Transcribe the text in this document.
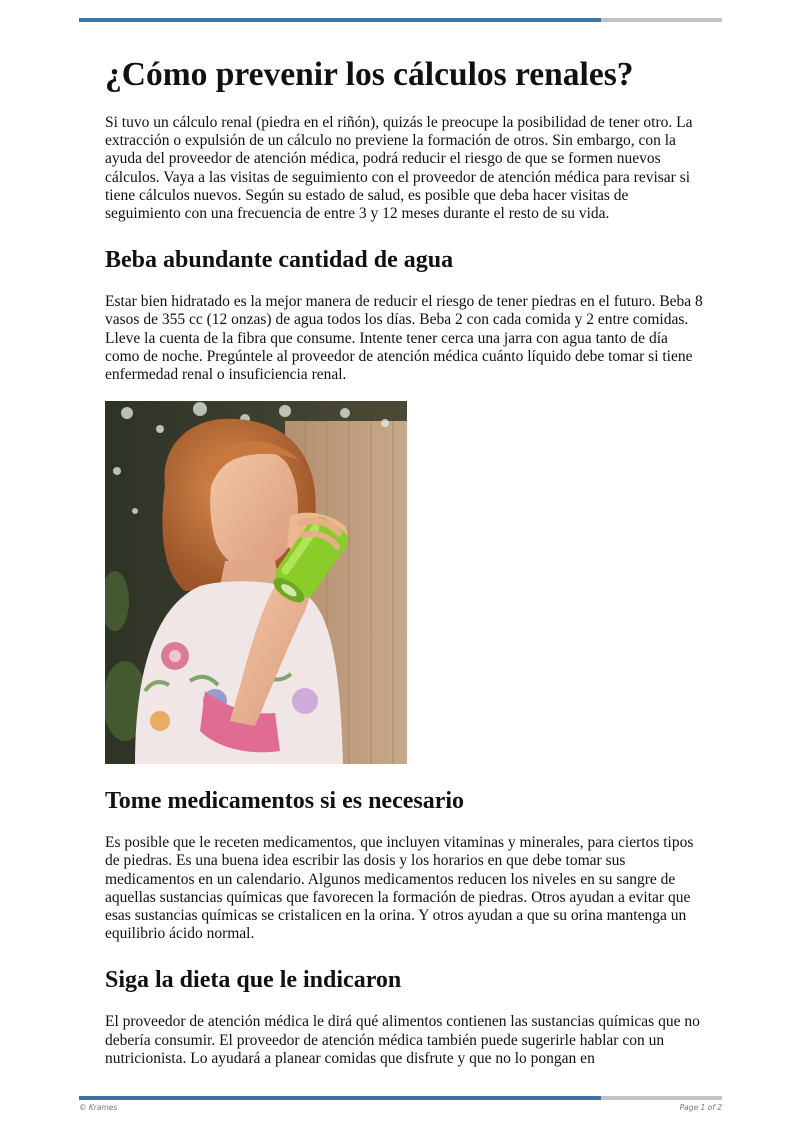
¿Cómo prevenir los cálculos renales?

Si tuvo un cálculo renal (piedra en el riñón), quizás le preocupe la posibilidad de tener otro. La extracción o expulsión de un cálculo no previene la formación de otros. Sin embargo, con la ayuda del proveedor de atención médica, podrá reducir el riesgo de que se formen nuevos cálculos. Vaya a las visitas de seguimiento con el proveedor de atención médica para revisar si tiene cálculos nuevos. Según su estado de salud, es posible que deba hacer visitas de seguimiento con una frecuencia de entre 3 y 12 meses durante el resto de su vida.

Beba abundante cantidad de agua

Estar bien hidratado es la mejor manera de reducir el riesgo de tener piedras en el futuro. Beba 8 vasos de 355 cc (12 onzas) de agua todos los días. Beba 2 con cada comida y 2 entre comidas. Lleve la cuenta de la fibra que consume. Intente tener cerca una jarra con agua tanto de día como de noche. Pregúntele al proveedor de atención médica cuánto líquido debe tomar si tiene enfermedad renal o insuficiencia renal.

Tome medicamentos si es necesario

Es posible que le receten medicamentos, que incluyen vitaminas y minerales, para ciertos tipos de piedras. Es una buena idea escribir las dosis y los horarios en que debe tomar sus medicamentos en un calendario. Algunos medicamentos reducen los niveles en su sangre de aquellas sustancias químicas que favorecen la formación de piedras. Otros ayudan a evitar que esas sustancias químicas se cristalicen en la orina. Y otros ayudan a que su orina mantenga un equilibrio ácido normal.

Siga la dieta que le indicaron

El proveedor de atención médica le dirá qué alimentos contienen las sustancias químicas que no debería consumir. El proveedor de atención médica también puede sugerirle hablar con un nutricionista. Lo ayudará a planear comidas que disfrute y que no lo pongan en

© Krames	Page 1 of 2
